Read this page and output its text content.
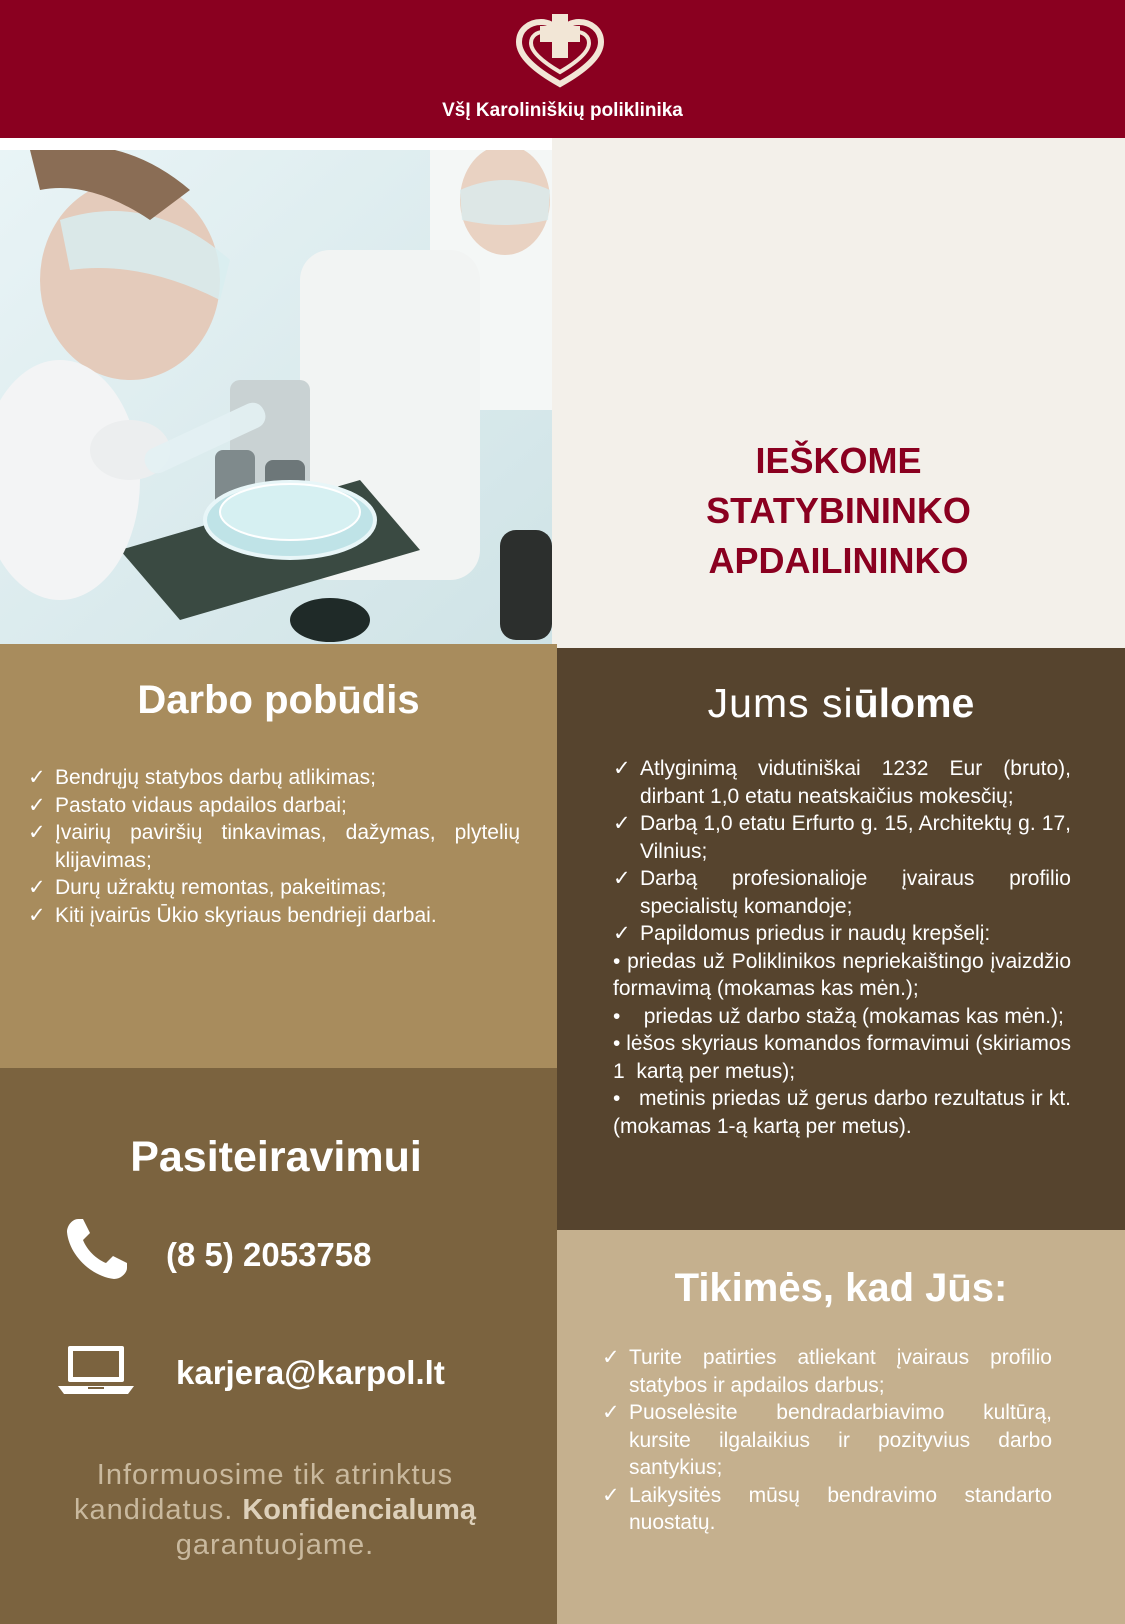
VšĮ Karoliniškių poliklinika
IEŠKOME
STATYBININKO
APDAILININKO
Darbo pobūdis
✓ Bendrųjų statybos darbų atlikimas;
✓ Pastato vidaus apdailos darbai;
✓ Įvairių paviršių tinkavimas, dažymas, plytelių klijavimas;
✓ Durų užraktų remontas, pakeitimas;
✓ Kiti įvairūs Ūkio skyriaus bendrieji darbai.
Jums siūlome
✓ Atlyginimą vidutiniškai 1232 Eur (bruto), dirbant 1,0 etatu neatskaičius mokesčių;
✓ Darbą 1,0 etatu Erfurto g. 15, Architektų g. 17, Vilnius;
✓ Darbą profesionalioje įvairaus profilio specialistų komandoje;
✓ Papildomus priedus ir naudų krepšelį:

• priedas už Poliklinikos nepriekaištingo įvaizdžio formavimą (mokamas kas mėn.);

•    priedas už darbo stažą (mokamas kas mėn.);

• lėšos skyriaus komandos formavimui (skiriamos 1  kartą per metus);

•   metinis priedas už gerus darbo rezultatus ir kt. (mokamas 1-ą kartą per metus).

Pasiteiravimui
(8 5) 2053758
karjera@karpol.lt
Informuosime tik atrinktus kandidatus. Konfidencialumą garantuojame.
Tikimės, kad Jūs:
✓ Turite patirties atliekant įvairaus profilio statybos ir apdailos darbus;
✓ Puoselėsite bendradarbiavimo kultūrą, kursite ilgalaikius ir pozityvius darbo santykius;
✓ Laikysitės mūsų bendravimo standarto nuostatų.
